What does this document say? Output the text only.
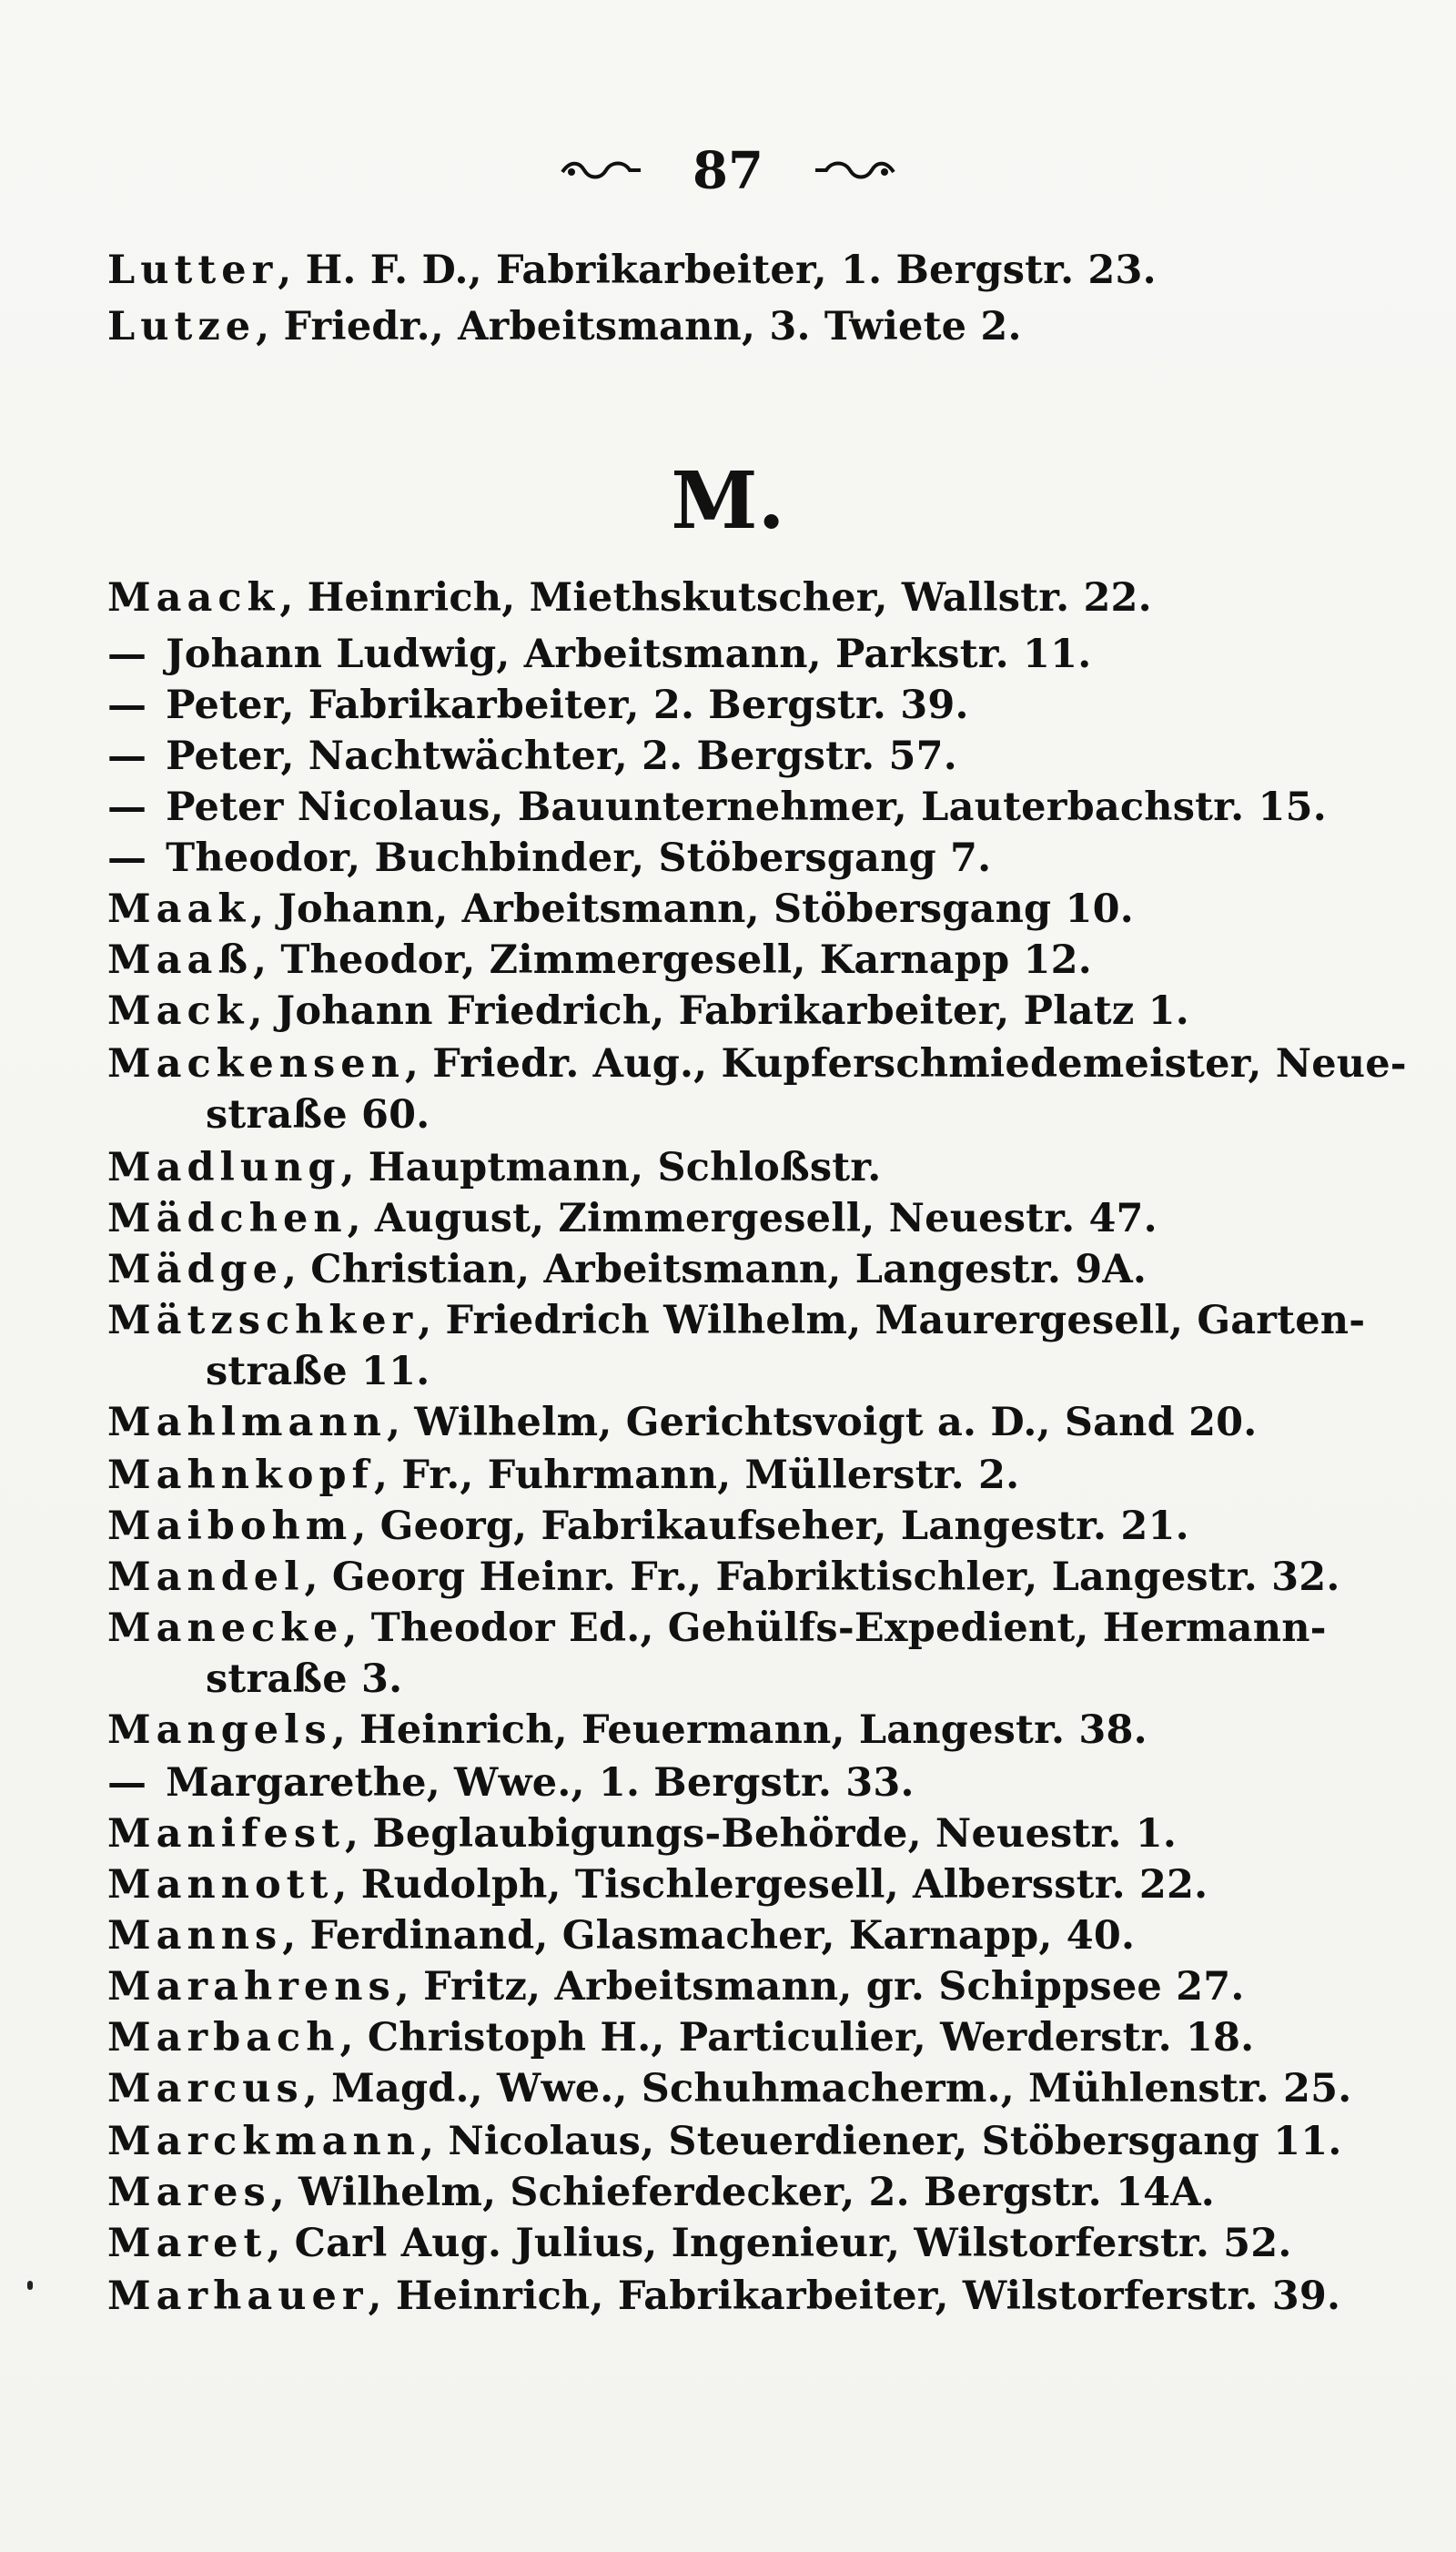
87
M.
Lutter, H. F. D., Fabrikarbeiter, 1. Bergstr. 23.
Lutze, Friedr., Arbeitsmann, 3. Twiete 2.
Maack, Heinrich, Miethskutscher, Wallstr. 22.
— Johann Ludwig, Arbeitsmann, Parkstr. 11.
— Peter, Fabrikarbeiter, 2. Bergstr. 39.
— Peter, Nachtwächter, 2. Bergstr. 57.
— Peter Nicolaus, Bauunternehmer, Lauterbachstr. 15.
— Theodor, Buchbinder, Stöbersgang 7.
Maak, Johann, Arbeitsmann, Stöbersgang 10.
Maaß, Theodor, Zimmergesell, Karnapp 12.
Mack, Johann Friedrich, Fabrikarbeiter, Platz 1.
Mackensen, Friedr. Aug., Kupferschmiedemeister, Neue-
straße 60.
Madlung, Hauptmann, Schloßstr.
Mädchen, August, Zimmergesell, Neuestr. 47.
Mädge, Christian, Arbeitsmann, Langestr. 9A.
Mätzschker, Friedrich Wilhelm, Maurergesell, Garten-
straße 11.
Mahlmann, Wilhelm, Gerichtsvoigt a. D., Sand 20.
Mahnkopf, Fr., Fuhrmann, Müllerstr. 2.
Maibohm, Georg, Fabrikaufseher, Langestr. 21.
Mandel, Georg Heinr. Fr., Fabriktischler, Langestr. 32.
Manecke, Theodor Ed., Gehülfs-Expedient, Hermann-
straße 3.
Mangels, Heinrich, Feuermann, Langestr. 38.
— Margarethe, Wwe., 1. Bergstr. 33.
Manifest, Beglaubigungs-Behörde, Neuestr. 1.
Mannott, Rudolph, Tischlergesell, Albersstr. 22.
Manns, Ferdinand, Glasmacher, Karnapp, 40.
Marahrens, Fritz, Arbeitsmann, gr. Schippsee 27.
Marbach, Christoph H., Particulier, Werderstr. 18.
Marcus, Magd., Wwe., Schuhmacherm., Mühlenstr. 25.
Marckmann, Nicolaus, Steuerdiener, Stöbersgang 11.
Mares, Wilhelm, Schieferdecker, 2. Bergstr. 14A.
Maret, Carl Aug. Julius, Ingenieur, Wilstorferstr. 52.
Marhauer, Heinrich, Fabrikarbeiter, Wilstorferstr. 39.
